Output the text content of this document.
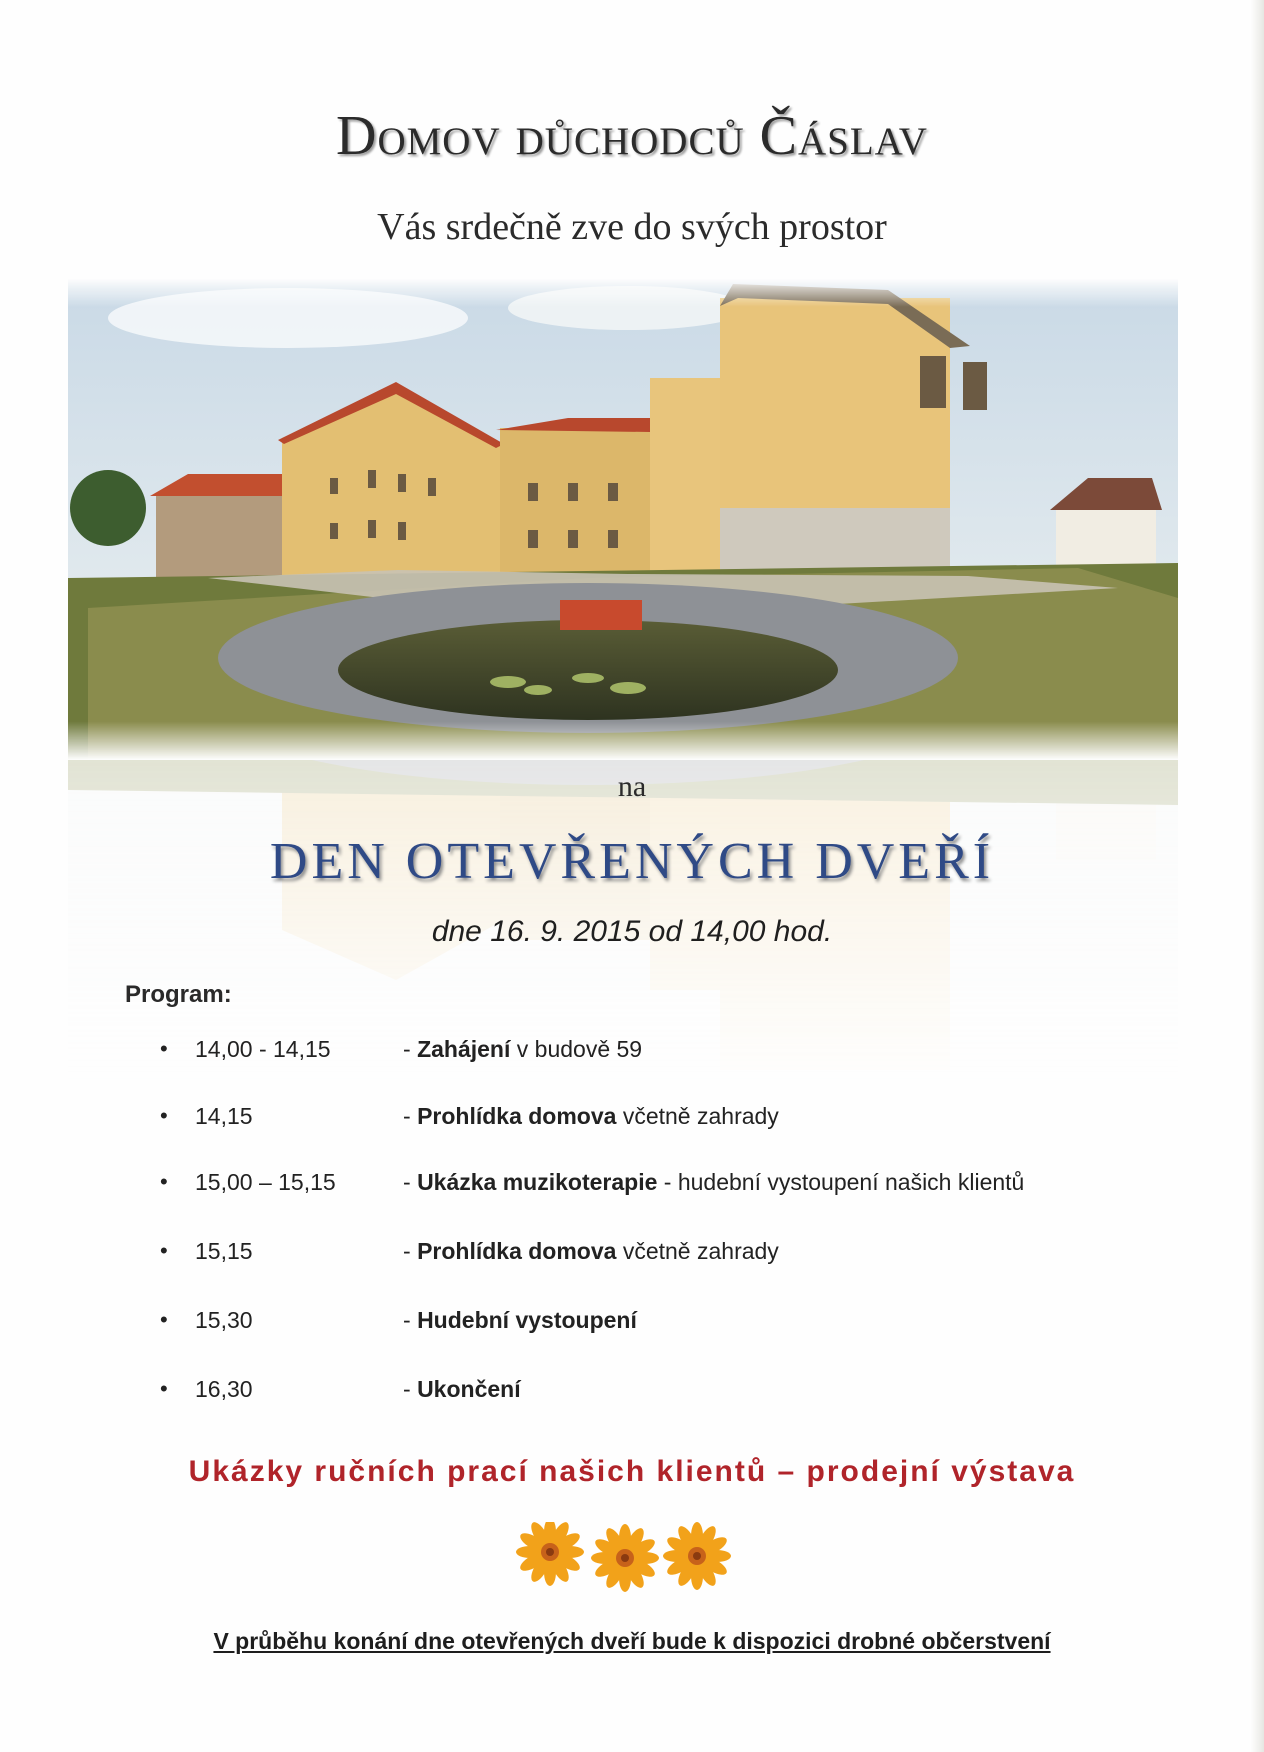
Domov důchodců Čáslav
Vás srdečně zve do svých prostor
na
DEN OTEVŘENÝCH DVEŘÍ
dne 16. 9. 2015 od 14,00 hod.
Program:
• 14,00 - 14,15	- Zahájení v budově 59
• 14,15	- Prohlídka domova včetně zahrady
• 15,00 – 15,15	- Ukázka muzikoterapie - hudební vystoupení našich klientů
• 15,15	- Prohlídka domova včetně zahrady
• 15,30	- Hudební vystoupení
• 16,30	- Ukončení
Ukázky ručních prací našich klientů – prodejní výstava
V průběhu konání dne otevřených dveří bude k dispozici drobné občerstvení
